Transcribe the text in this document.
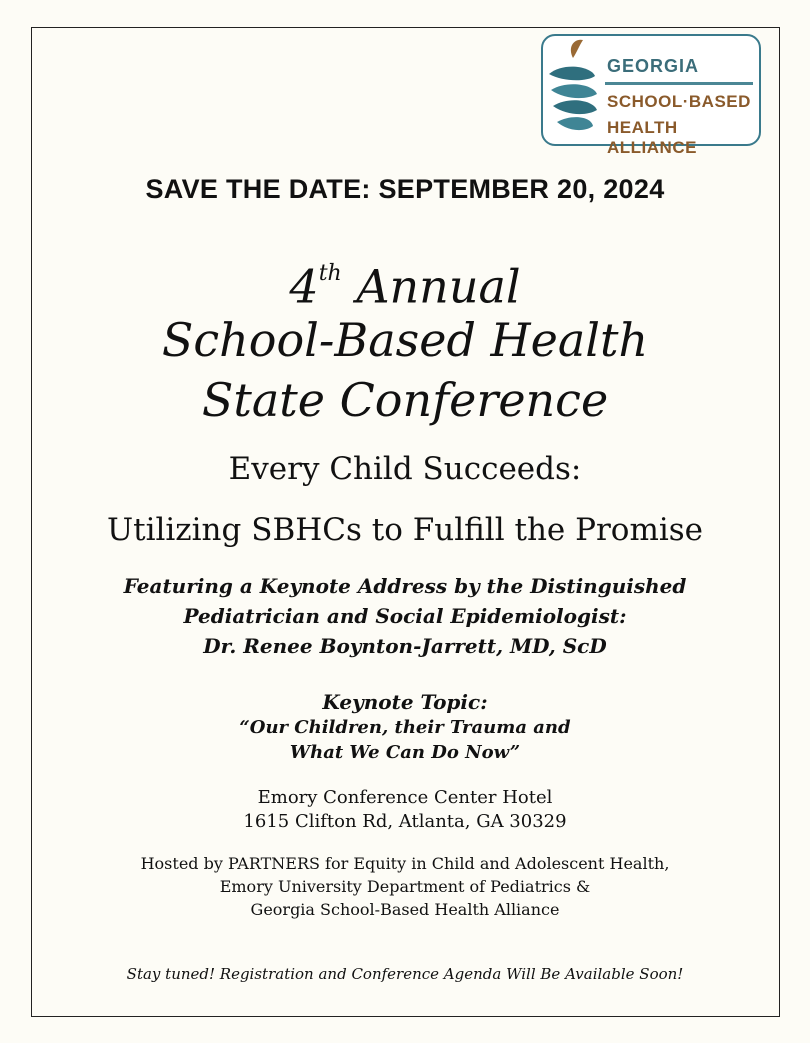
GEORGIA
SCHOOL·BASED
HEALTH ALLIANCE
SAVE THE DATE: SEPTEMBER 20, 2024
4th Annual
School-Based Health
State Conference
Every Child Succeeds:
Utilizing SBHCs to Fulfill the Promise
Featuring a Keynote Address by the Distinguished
Pediatrician and Social Epidemiologist:
Dr. Renee Boynton-Jarrett, MD, ScD
Keynote Topic:
“Our Children, their Trauma and
What We Can Do Now”
Emory Conference Center Hotel
1615 Clifton Rd, Atlanta, GA 30329
Hosted by PARTNERS for Equity in Child and Adolescent Health,
Emory University Department of Pediatrics &
Georgia School-Based Health Alliance
Stay tuned! Registration and Conference Agenda Will Be Available Soon!
